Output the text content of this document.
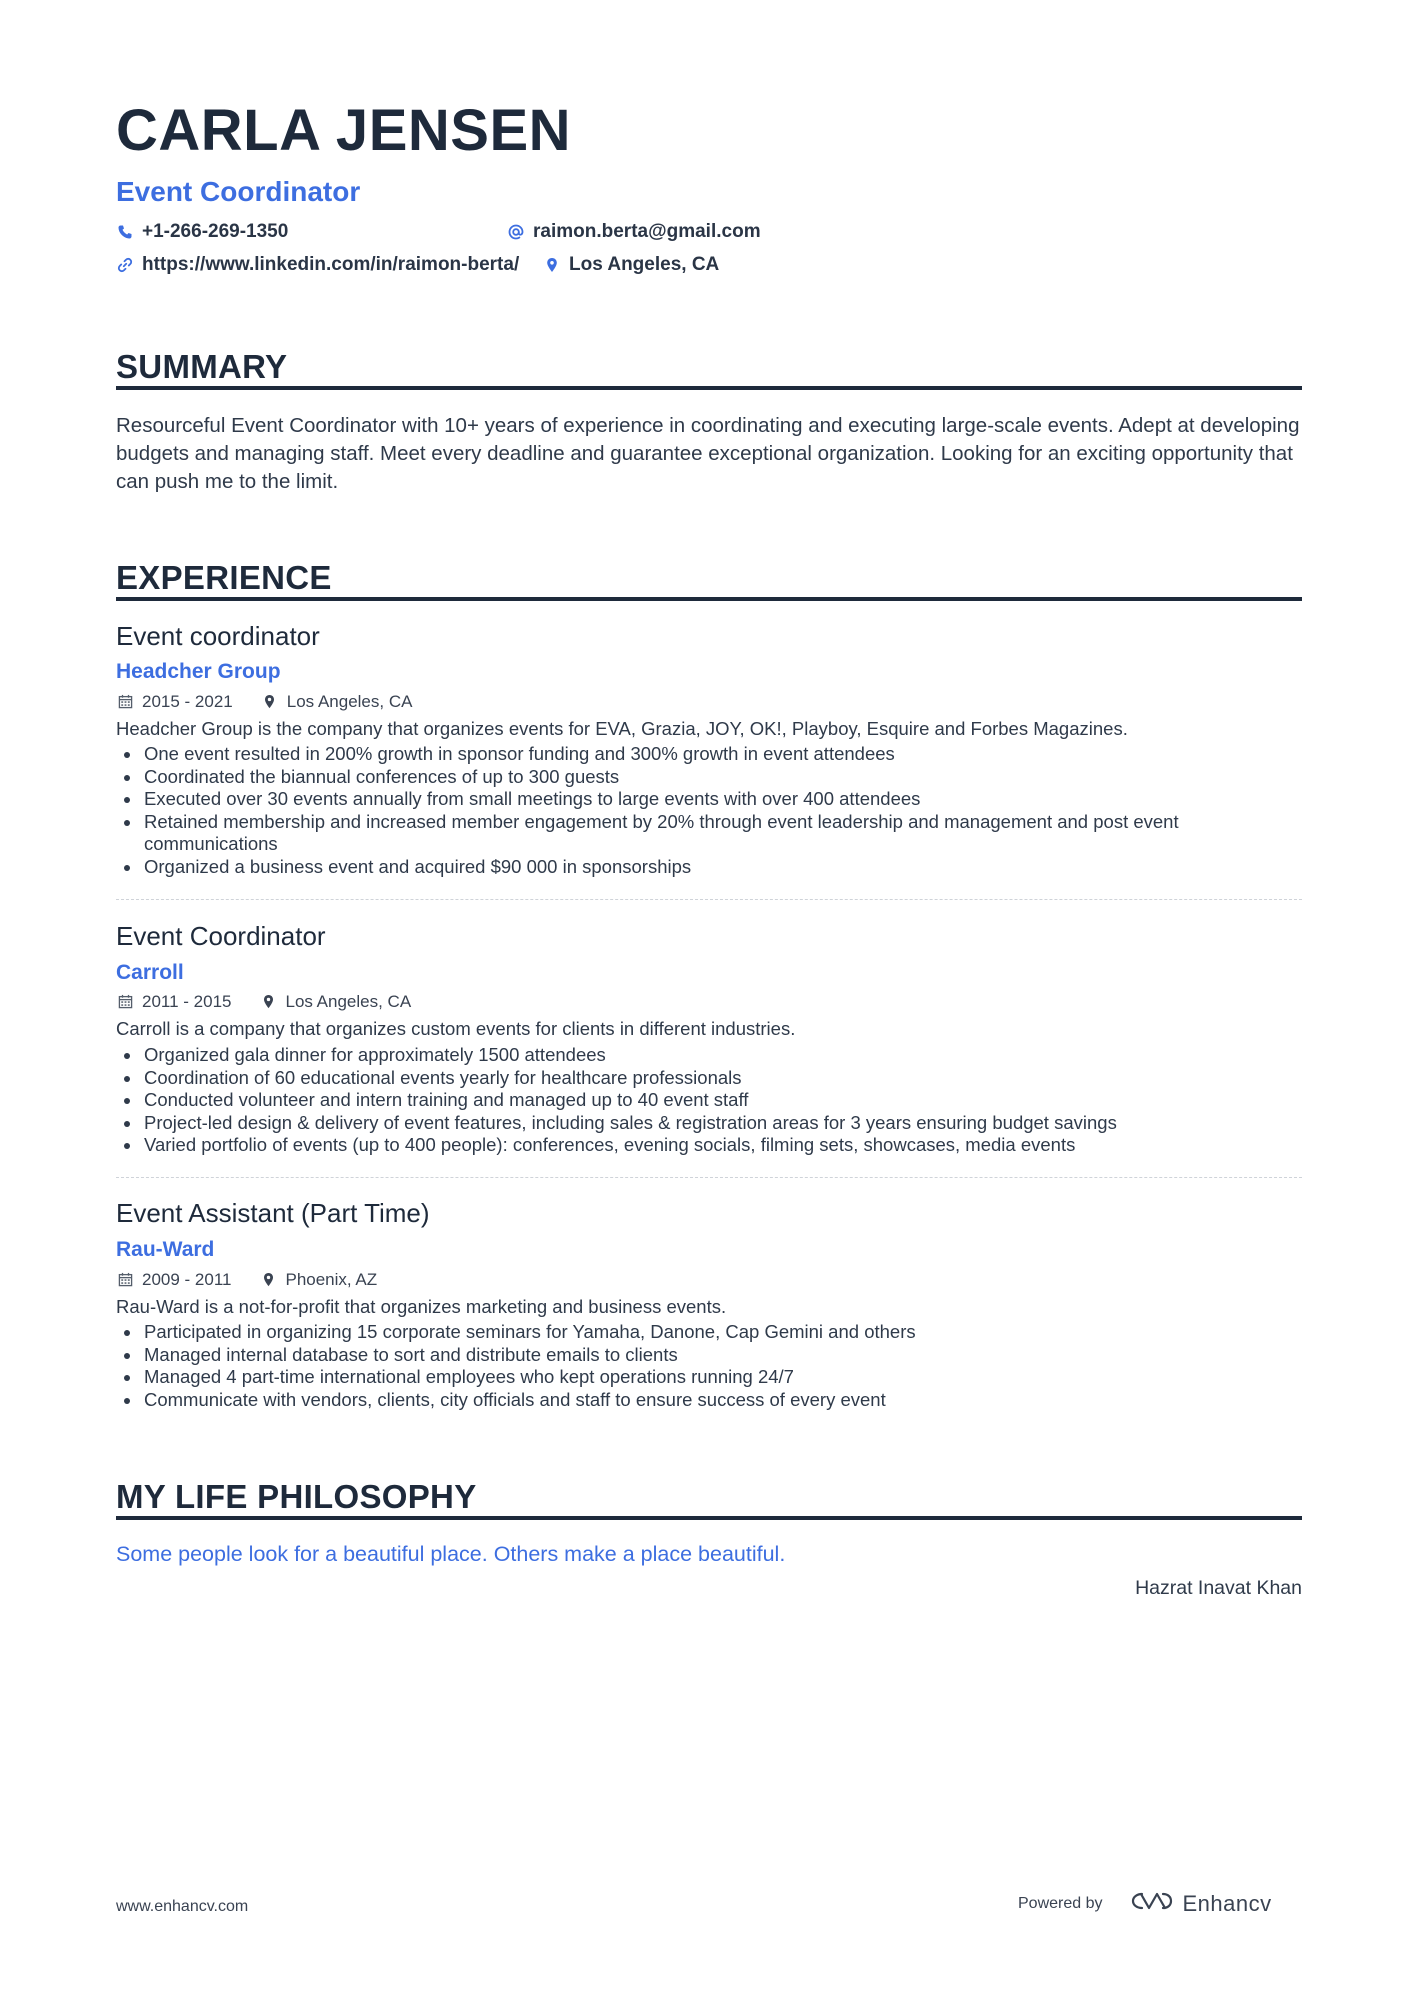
CARLA JENSEN
Event Coordinator
+1-266-269-1350	raimon.berta@gmail.com
https://www.linkedin.com/in/raimon-berta/	Los Angeles, CA
SUMMARY
Resourceful Event Coordinator with 10+ years of experience in coordinating and executing large-scale events. Adept at developing budgets and managing staff. Meet every deadline and guarantee exceptional organization. Looking for an exciting opportunity that can push me to the limit.
EXPERIENCE
Event coordinator
Headcher Group
2015 - 2021	Los Angeles, CA
Headcher Group is the company that organizes events for EVA, Grazia, JOY, OK!, Playboy, Esquire and Forbes Magazines.
One event resulted in 200% growth in sponsor funding and 300% growth in event attendees
Coordinated the biannual conferences of up to 300 guests
Executed over 30 events annually from small meetings to large events with over 400 attendees
Retained membership and increased member engagement by 20% through event leadership and management and post event communications
Organized a business event and acquired $90 000 in sponsorships
Event Coordinator
Carroll
2011 - 2015	Los Angeles, CA
Carroll is a company that organizes custom events for clients in different industries.
Organized gala dinner for approximately 1500 attendees
Coordination of 60 educational events yearly for healthcare professionals
Conducted volunteer and intern training and managed up to 40 event staff
Project-led design & delivery of event features, including sales & registration areas for 3 years ensuring budget savings
Varied portfolio of events (up to 400 people): conferences, evening socials, filming sets, showcases, media events
Event Assistant (Part Time)
Rau-Ward
2009 - 2011	Phoenix, AZ
Rau-Ward is a not-for-profit that organizes marketing and business events.
Participated in organizing 15 corporate seminars for Yamaha, Danone, Cap Gemini and others
Managed internal database to sort and distribute emails to clients
Managed 4 part-time international employees who kept operations running 24/7
Communicate with vendors, clients, city officials and staff to ensure success of every event
MY LIFE PHILOSOPHY
Some people look for a beautiful place. Others make a place beautiful.
Hazrat Inavat Khan
www.enhancv.com	Powered by	Enhancv
